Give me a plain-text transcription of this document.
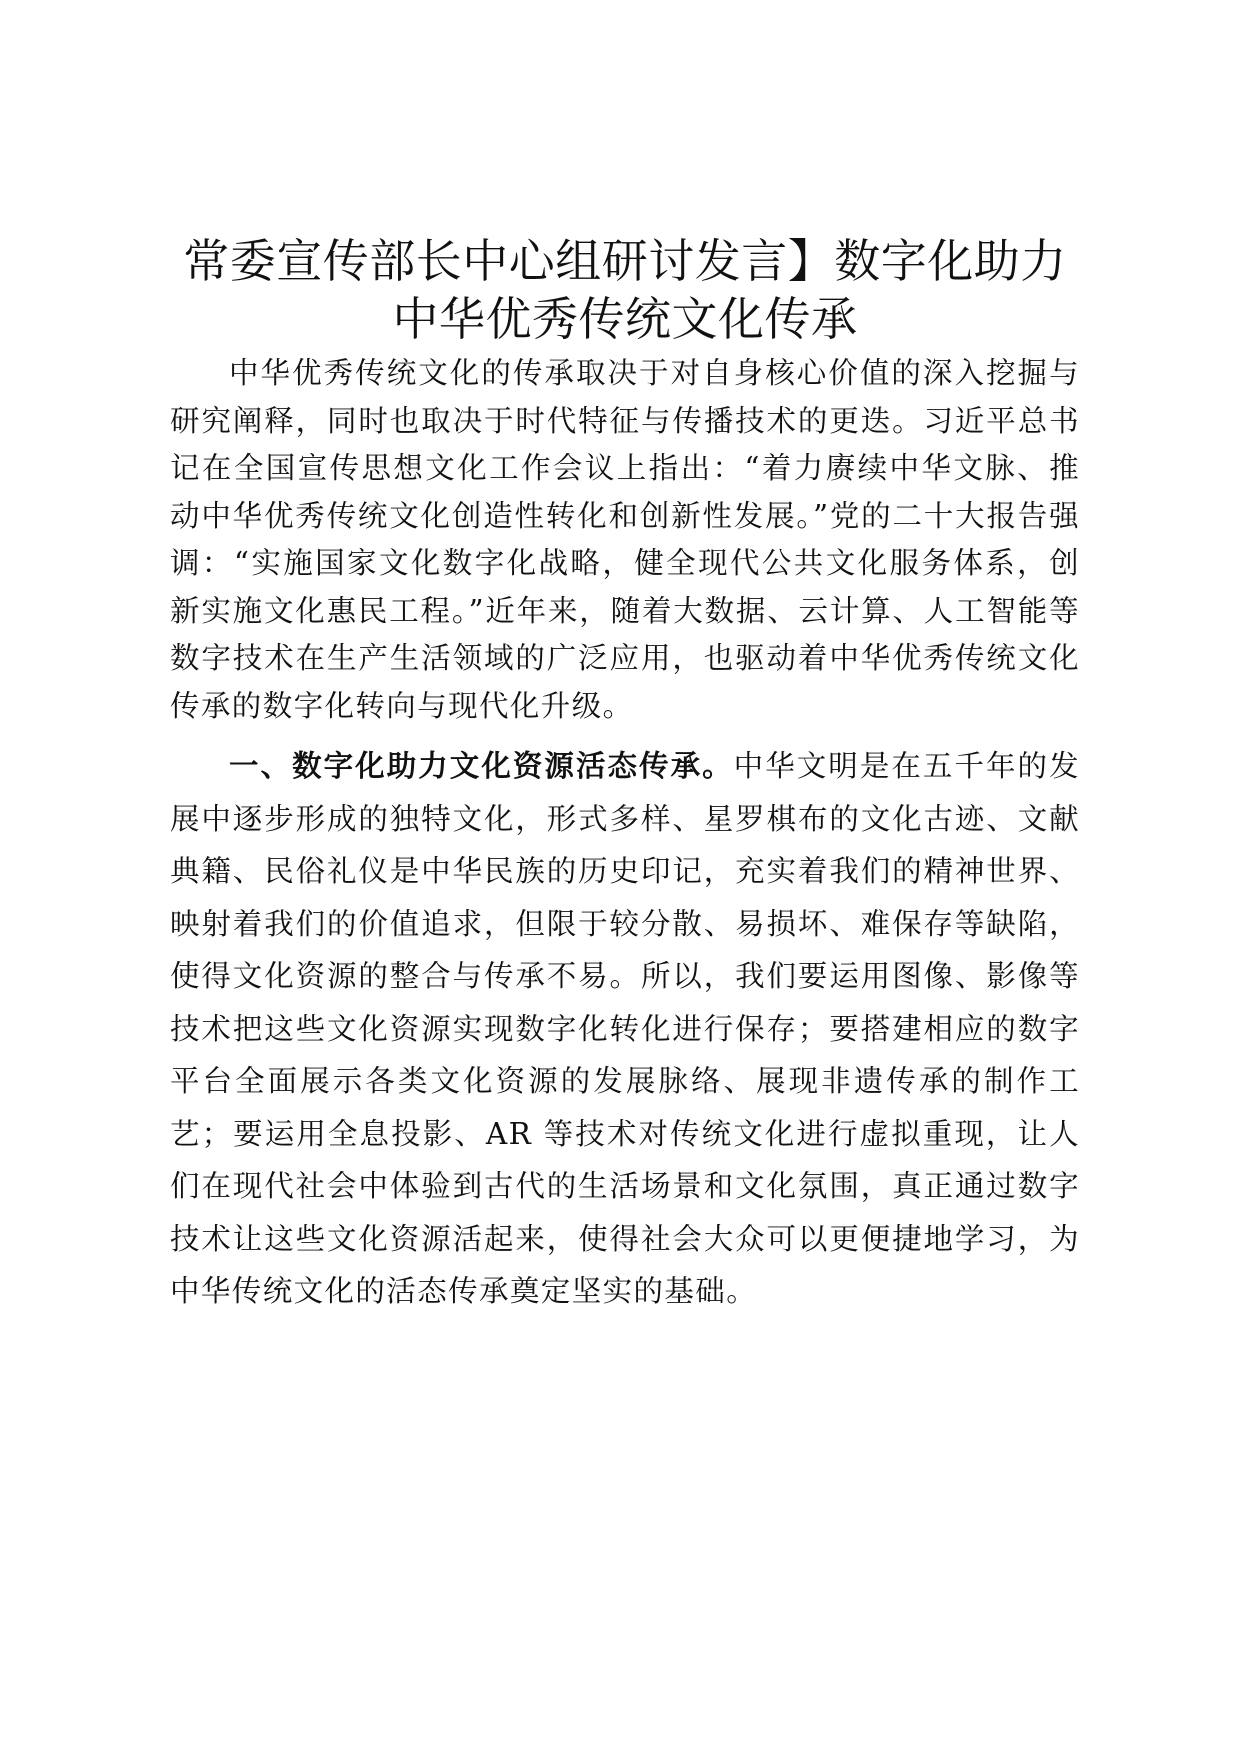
常委宣传部长中心组研讨发言】数字化助力中华优秀传统文化传承

中华优秀传统文化的传承取决于对自身核心价值的深入挖掘与研究阐释，同时也取决于时代特征与传播技术的更迭。习近平总书记在全国宣传思想文化工作会议上指出：“着力赓续中华文脉、推动中华优秀传统文化创造性转化和创新性发展。”党的二十大报告强调：“实施国家文化数字化战略，健全现代公共文化服务体系，创新实施文化惠民工程。”近年来，随着大数据、云计算、人工智能等数字技术在生产生活领域的广泛应用，也驱动着中华优秀传统文化传承的数字化转向与现代化升级。

一、数字化助力文化资源活态传承。中华文明是在五千年的发展中逐步形成的独特文化，形式多样、星罗棋布的文化古迹、文献典籍、民俗礼仪是中华民族的历史印记，充实着我们的精神世界、映射着我们的价值追求，但限于较分散、易损坏、难保存等缺陷，使得文化资源的整合与传承不易。所以，我们要运用图像、影像等技术把这些文化资源实现数字化转化进行保存；要搭建相应的数字平台全面展示各类文化资源的发展脉络、展现非遗传承的制作工艺；要运用全息投影、AR 等技术对传统文化进行虚拟重现，让人们在现代社会中体验到古代的生活场景和文化氛围，真正通过数字技术让这些文化资源活起来，使得社会大众可以更便捷地学习，为中华传统文化的活态传承奠定坚实的基础。
